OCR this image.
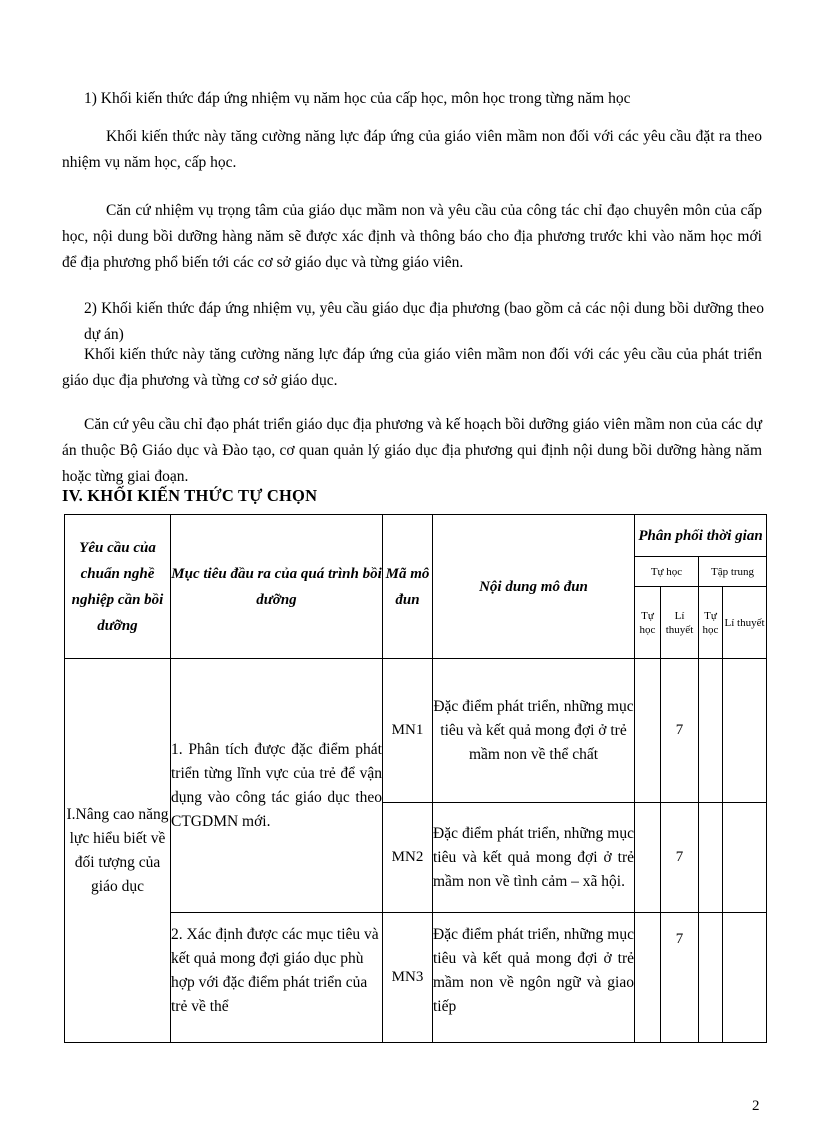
1) Khối kiến thức đáp ứng nhiệm vụ năm học của cấp học, môn học trong từng năm học

Khối kiến thức này tăng cường năng lực đáp ứng của giáo viên mầm non đối với các yêu cầu đặt ra theo nhiệm vụ năm học, cấp học.

Căn cứ nhiệm vụ trọng tâm của giáo dục mầm non và yêu cầu của công tác chỉ đạo chuyên môn của cấp học, nội dung bồi dưỡng hàng năm sẽ được xác định và thông báo cho địa phương trước khi vào năm học mới để địa phương phổ biến tới các cơ sở giáo dục và từng giáo viên.

2) Khối kiến thức đáp ứng nhiệm vụ, yêu cầu giáo dục địa phương (bao gồm cả các nội dung bồi dưỡng theo dự án)

Khối kiến thức này tăng cường năng lực đáp ứng của giáo viên mầm non đối với các yêu cầu của phát triển giáo dục địa phương và từng cơ sở giáo dục.

Căn cứ yêu cầu chỉ đạo phát triển giáo dục địa phương và kế hoạch bồi dưỡng giáo viên mầm non của các dự án thuộc Bộ Giáo dục và Đào tạo, cơ quan quản lý giáo dục địa phương qui định nội dung bồi dưỡng hàng năm hoặc từng giai đoạn.

IV. KHỐI KIẾN THỨC TỰ CHỌN
Yêu cầu của chuẩn nghề nghiệp cần bồi dưỡng	Mục tiêu đầu ra của quá trình bồi dưỡng	Mã mô đun	Nội dung mô đun	Phân phối thời gian			
				Tự học		Tập trung	
				Tự học	Lí thuyết	Tự học	Lí thuyết
I.Nâng cao năng lực hiểu biết về đối tượng của giáo dục	1. Phân tích được đặc điểm phát triển từng lĩnh vực của trẻ để vận dụng vào công tác giáo dục theo CTGDMN mới.	MN1	Đặc điểm phát triển, những mục tiêu và kết quả mong đợi ở trẻ mầm non về thể chất		7		
		MN2	Đặc điểm phát triển, những mục tiêu và kết quả mong đợi ở trẻ mầm non về tình cảm – xã hội.		7		
	2. Xác định được các mục tiêu và kết quả mong đợi giáo dục phù hợp với đặc điểm phát triển của trẻ về thể	MN3	Đặc điểm phát triển, những mục tiêu và kết quả mong đợi ở trẻ mầm non về ngôn ngữ và giao tiếp		7		
2
